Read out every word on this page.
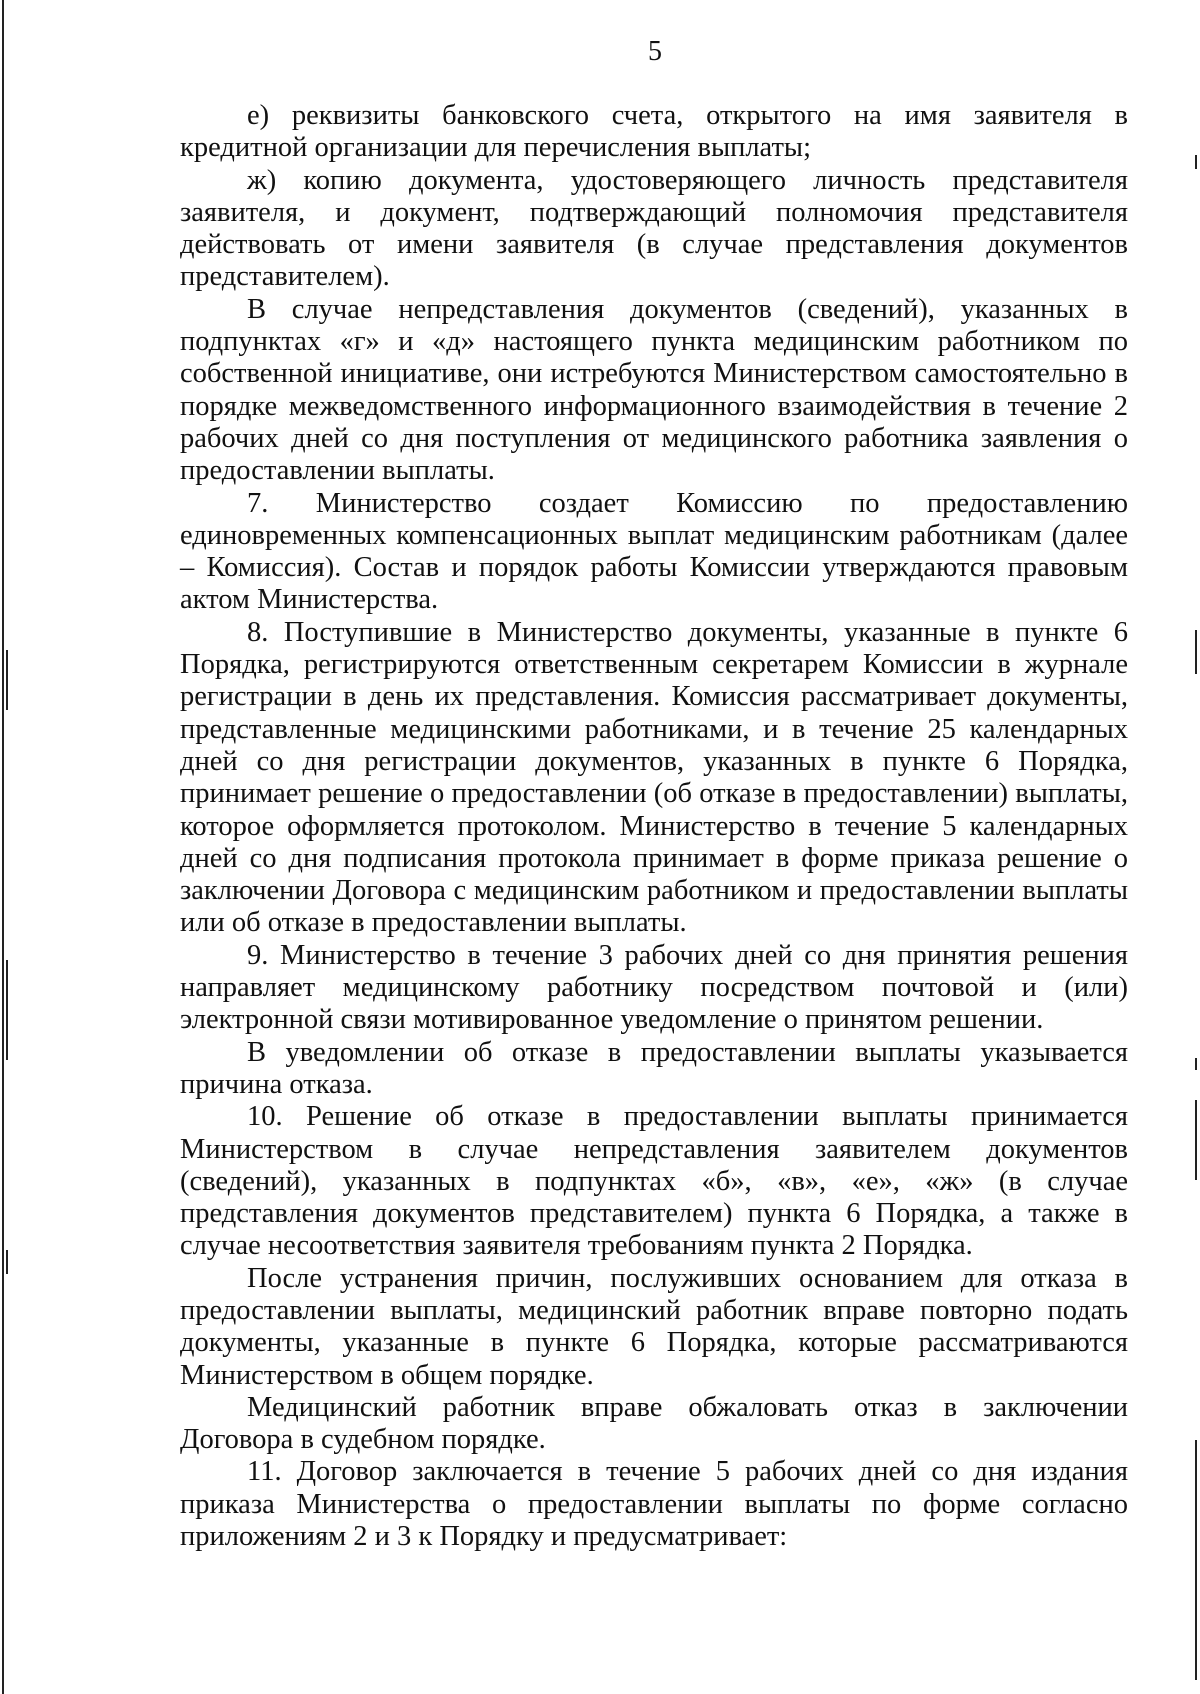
5

е) реквизиты банковского счета, открытого на имя заявителя в кредитной организации для перечисления выплаты;

ж) копию документа, удостоверяющего личность представителя заявителя, и документ, подтверждающий полномочия представителя действовать от имени заявителя (в случае представления документов представителем).

В случае непредставления документов (сведений), указанных в подпунктах «г» и «д» настоящего пункта медицинским работником по собственной инициативе, они истребуются Министерством самостоятельно в порядке межведомственного информационного взаимодействия в течение 2 рабочих дней со дня поступления от медицинского работника заявления о предоставлении выплаты.

7. Министерство создает Комиссию по предоставлению единовременных компенсационных выплат медицинским работникам (далее – Комиссия). Состав и порядок работы Комиссии утверждаются правовым актом Министерства.

8. Поступившие в Министерство документы, указанные в пункте 6 Порядка, регистрируются ответственным секретарем Комиссии в журнале регистрации в день их представления. Комиссия рассматривает документы, представленные медицинскими работниками, и в течение 25 календарных дней со дня регистрации документов, указанных в пункте 6 Порядка, принимает решение о предоставлении (об отказе в предоставлении) выплаты, которое оформляется протоколом. Министерство в течение 5 календарных дней со дня подписания протокола принимает в форме приказа решение о заключении Договора с медицинским работником и предоставлении выплаты или об отказе в предоставлении выплаты.

9. Министерство в течение 3 рабочих дней со дня принятия решения направляет медицинскому работнику посредством почтовой и (или) электронной связи мотивированное уведомление о принятом решении.

В уведомлении об отказе в предоставлении выплаты указывается причина отказа.

10. Решение об отказе в предоставлении выплаты принимается Министерством в случае непредставления заявителем документов (сведений), указанных в подпунктах «б», «в», «е», «ж» (в случае представления документов представителем) пункта 6 Порядка, а также в случае несоответствия заявителя требованиям пункта 2 Порядка.

После устранения причин, послуживших основанием для отказа в предоставлении выплаты, медицинский работник вправе повторно подать документы, указанные в пункте 6 Порядка, которые рассматриваются Министерством в общем порядке.

Медицинский работник вправе обжаловать отказ в заключении Договора в судебном порядке.

11. Договор заключается в течение 5 рабочих дней со дня издания приказа Министерства о предоставлении выплаты по форме согласно приложениям 2 и 3 к Порядку и предусматривает:
